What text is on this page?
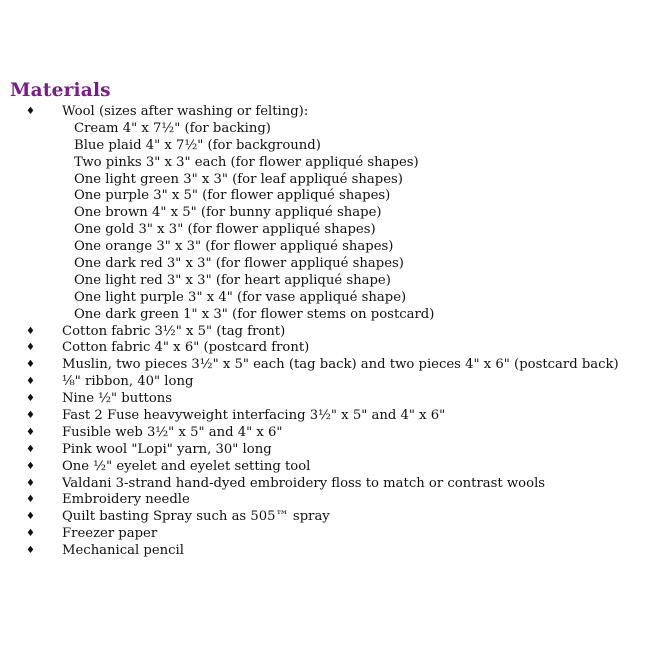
Materials
♦ Wool (sizes after washing or felting):
Cream 4" x 7½" (for backing)
Blue plaid 4" x 7½" (for background)
Two pinks 3" x 3" each (for flower appliqué shapes)
One light green 3" x 3" (for leaf appliqué shapes)
One purple 3" x 5" (for flower appliqué shapes)
One brown 4" x 5" (for bunny appliqué shape)
One gold 3" x 3" (for flower appliqué shapes)
One orange 3" x 3" (for flower appliqué shapes)
One dark red 3" x 3" (for flower appliqué shapes)
One light red 3" x 3" (for heart appliqué shape)
One light purple 3" x 4" (for vase appliqué shape)
One dark green 1" x 3" (for flower stems on postcard)
♦ Cotton fabric 3½" x 5" (tag front)
♦ Cotton fabric 4" x 6" (postcard front)
♦ Muslin, two pieces 3½" x 5" each (tag back) and two pieces 4" x 6" (postcard back)
♦ ⅛" ribbon, 40" long
♦ Nine ½" buttons
♦ Fast 2 Fuse heavyweight interfacing 3½" x 5" and 4" x 6"
♦ Fusible web 3½" x 5" and 4" x 6"
♦ Pink wool "Lopi" yarn, 30" long
♦ One ½" eyelet and eyelet setting tool
♦ Valdani 3-strand hand-dyed embroidery floss to match or contrast wools
♦ Embroidery needle
♦ Quilt basting Spray such as 505™ spray
♦ Freezer paper
♦ Mechanical pencil
